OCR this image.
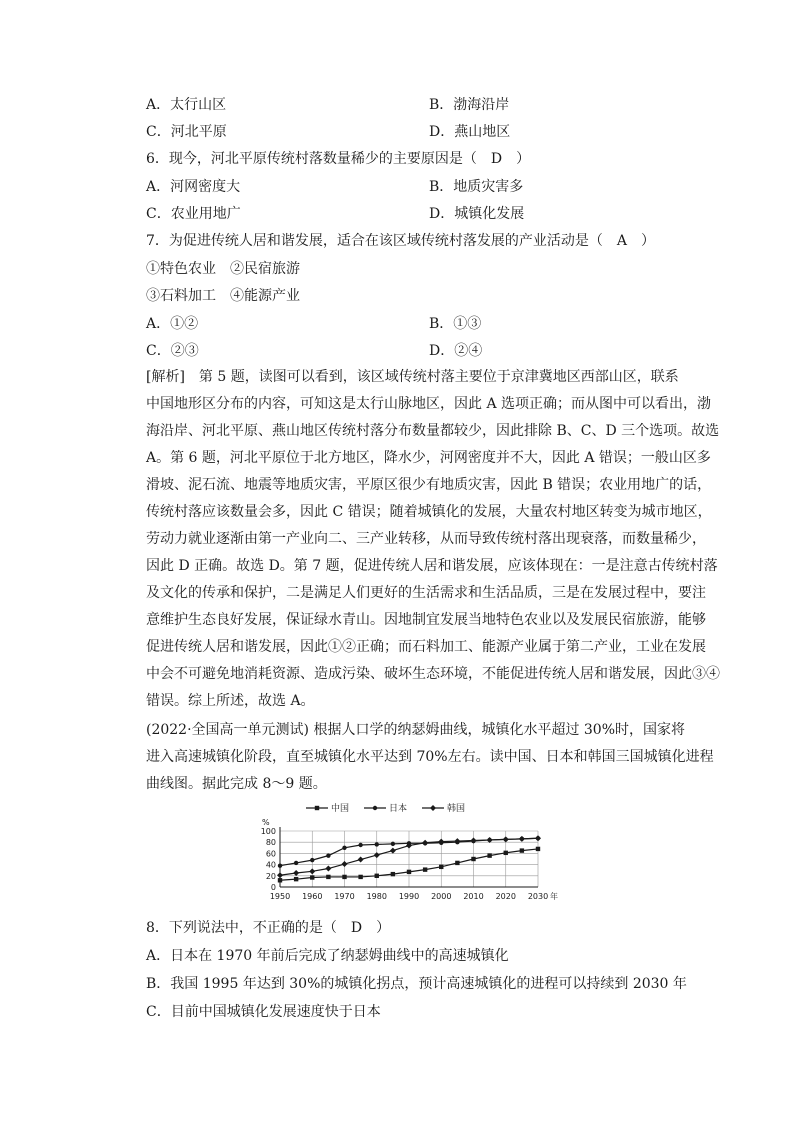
A．太行山区	B．渤海沿岸
C．河北平原	D．燕山地区
6．现今，河北平原传统村落数量稀少的主要原因是（　D　）
A．河网密度大	B．地质灾害多
C．农业用地广	D．城镇化发展
7．为促进传统人居和谐发展，适合在该区域传统村落发展的产业活动是（　A　）
①特色农业　②民宿旅游
③石料加工　④能源产业
A．①②	B．①③
C．②③	D．②④
[解析]　第 5 题，读图可以看到，该区域传统村落主要位于京津冀地区西部山区，联系
中国地形区分布的内容，可知这是太行山脉地区，因此 A 选项正确；而从图中可以看出，渤
海沿岸、河北平原、燕山地区传统村落分布数量都较少，因此排除 B、C、D 三个选项。故选
A。第 6 题，河北平原位于北方地区，降水少，河网密度并不大，因此 A 错误；一般山区多
滑坡、泥石流、地震等地质灾害，平原区很少有地质灾害，因此 B 错误；农业用地广的话，
传统村落应该数量会多，因此 C 错误；随着城镇化的发展，大量农村地区转变为城市地区，
劳动力就业逐渐由第一产业向二、三产业转移，从而导致传统村落出现衰落，而数量稀少，
因此 D 正确。故选 D。第 7 题，促进传统人居和谐发展，应该体现在：一是注意古传统村落
及文化的传承和保护，二是满足人们更好的生活需求和生活品质，三是在发展过程中，要注
意维护生态良好发展，保证绿水青山。因地制宜发展当地特色农业以及发展民宿旅游，能够
促进传统人居和谐发展，因此①②正确；而石料加工、能源产业属于第二产业，工业在发展
中会不可避免地消耗资源、造成污染、破坏生态环境，不能促进传统人居和谐发展，因此③④
错误。综上所述，故选 A。
(2022·全国高一单元测试) 根据人口学的纳瑟姆曲线，城镇化水平超过 30%时，国家将
进入高速城镇化阶段，直至城镇化水平达到 70%左右。读中国、日本和韩国三国城镇化进程
曲线图。据此完成 8～9 题。
0
20
40
60
80
100
1950 1960 1970 1980 1990 2000 2010 2020 2030
%
年
中国	日本	韩国
8．下列说法中，不正确的是（　D　）
A．日本在 1970 年前后完成了纳瑟姆曲线中的高速城镇化
B．我国 1995 年达到 30%的城镇化拐点，预计高速城镇化的进程可以持续到 2030 年
C．目前中国城镇化发展速度快于日本
